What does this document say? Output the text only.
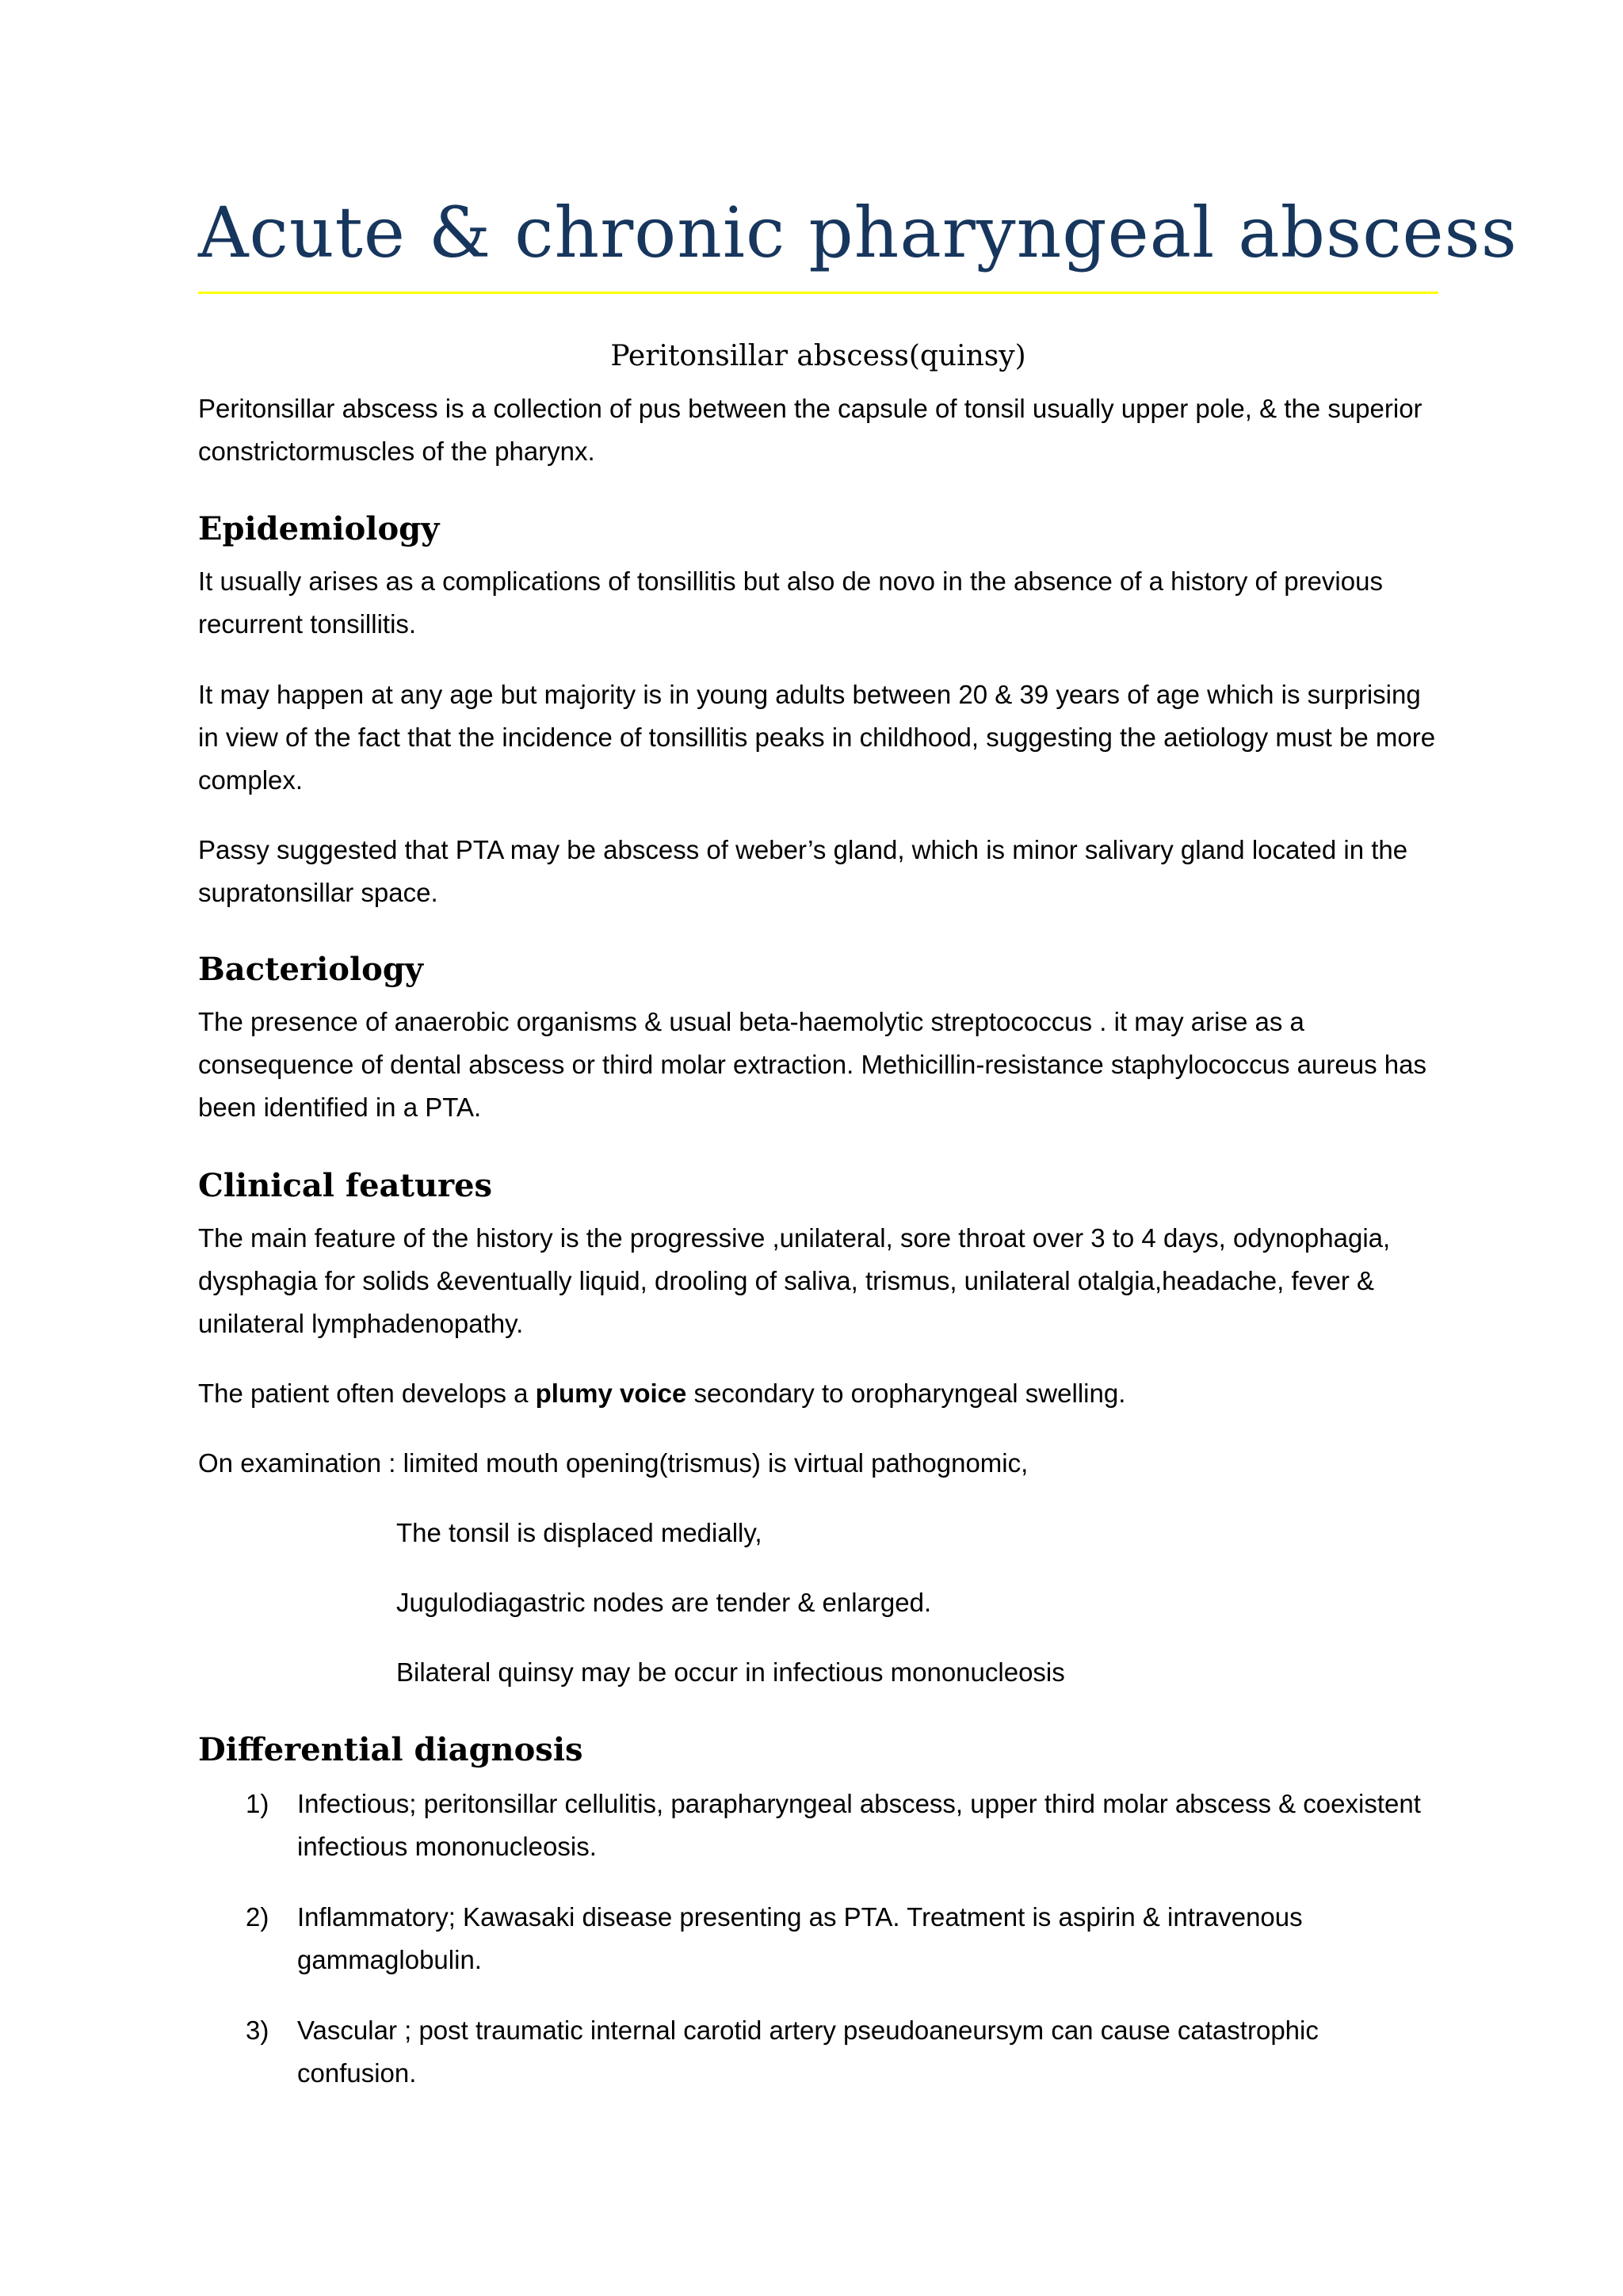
Acute & chronic pharyngeal abscess
Peritonsillar abscess(quinsy)

Peritonsillar abscess is a collection of pus between the capsule of tonsil usually upper pole, & the superior constrictormuscles of the pharynx.

Epidemiology

It usually arises as a complications of tonsillitis but also de novo in the absence of a history of previous recurrent tonsillitis.

It may happen at any age but majority is in young adults between 20 & 39 years of age which is surprising in view of the fact that the incidence of tonsillitis peaks in childhood, suggesting the aetiology must be more complex.

Passy suggested that PTA may be abscess of weber’s gland, which is minor salivary gland located in the supratonsillar space.

Bacteriology

The presence of anaerobic organisms & usual beta-haemolytic streptococcus . it may arise as a consequence of dental abscess or third molar extraction. Methicillin-resistance staphylococcus aureus has been identified in a PTA.

Clinical features

The main feature of the history is the progressive ,unilateral, sore throat over 3 to 4 days, odynophagia, dysphagia for solids &eventually liquid, drooling of saliva, trismus, unilateral otalgia,headache, fever & unilateral lymphadenopathy.

The patient often develops a plumy voice secondary to oropharyngeal swelling.

On examination : limited mouth opening(trismus) is virtual pathognomic,

The tonsil is displaced medially,

Jugulodiagastric nodes are tender & enlarged.

Bilateral quinsy may be occur in infectious mononucleosis

Differential diagnosis
1) Infectious; peritonsillar cellulitis, parapharyngeal abscess, upper third molar abscess & coexistent infectious mononucleosis.
2) Inflammatory; Kawasaki disease presenting as PTA. Treatment is aspirin & intravenous gammaglobulin.
3) Vascular ; post traumatic internal carotid artery pseudoaneursym can cause catastrophic confusion.
